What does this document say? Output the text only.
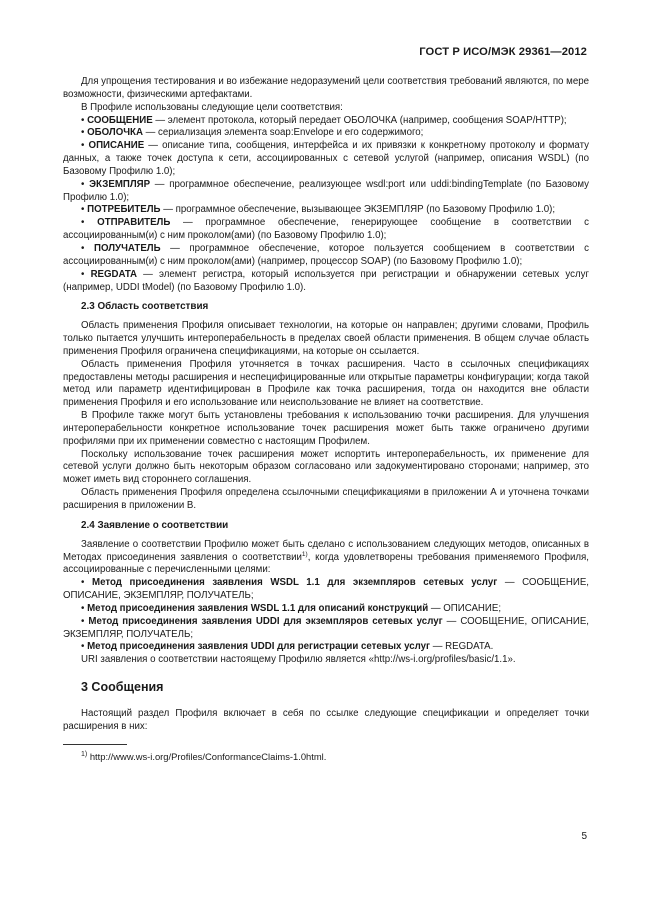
ГОСТ Р ИСО/МЭК 29361—2012

Для упрощения тестирования и во избежание недоразумений цели соответствия требований являются, по мере возможности, физическими артефактами.

В Профиле использованы следующие цели соответствия:

• СООБЩЕНИЕ — элемент протокола, который передает ОБОЛОЧКА (например, сообщения SOAP/HTTP);

• ОБОЛОЧКА — сериализация элемента soap:Envelope и его содержимого;

• ОПИСАНИЕ — описание типа, сообщения, интерфейса и их привязки к конкретному протоколу и формату данных, а также точек доступа к сети, ассоциированных с сетевой услугой (например, описания WSDL) (по Базовому Профилю 1.0);

• ЭКЗЕМПЛЯР — программное обеспечение, реализующее wsdl:port или uddi:bindingTemplate (по Базовому Профилю 1.0);

• ПОТРЕБИТЕЛЬ — программное обеспечение, вызывающее ЭКЗЕМПЛЯР (по Базовому Профилю 1.0);

• ОТПРАВИТЕЛЬ — программное обеспечение, генерирующее сообщение в соответствии с ассоциированным(и) с ним проколом(ами) (по Базовому Профилю 1.0);

• ПОЛУЧАТЕЛЬ — программное обеспечение, которое пользуется сообщением в соответствии с ассоциированным(и) с ним проколом(ами) (например, процессор SOAP) (по Базовому Профилю 1.0);

• REGDATA — элемент регистра, который используется при регистрации и обнаружении сетевых услуг (например, UDDI tModel) (по Базовому Профилю 1.0).

2.3 Область соответствия

Область применения Профиля описывает технологии, на которые он направлен; другими словами, Профиль только пытается улучшить интероперабельность в пределах своей области применения. В общем случае область применения Профиля ограничена спецификациями, на которые он ссылается.

Область применения Профиля уточняется в точках расширения. Часто в ссылочных спецификациях предоставлены методы расширения и неспецифицированные или открытые параметры конфигурации; когда такой метод или параметр идентифицирован в Профиле как точка расширения, тогда он находится вне области применения Профиля и его использование или неиспользование не влияет на соответствие.

В Профиле также могут быть установлены требования к использованию точки расширения. Для улучшения интероперабельности конкретное использование точек расширения может быть также ограничено другими профилями при их применении совместно с настоящим Профилем.

Поскольку использование точек расширения может испортить интероперабельность, их применение для сетевой услуги должно быть некоторым образом согласовано или задокументировано сторонами; например, это может иметь вид стороннего соглашения.

Область применения Профиля определена ссылочными спецификациями в приложении А и уточнена точками расширения в приложении В.

2.4 Заявление о соответствии

Заявление о соответствии Профилю может быть сделано с использованием следующих методов, описанных в Методах присоединения заявления о соответствии$^{1)}$, когда удовлетворены требования применяемого Профиля, ассоциированные с перечисленными целями:

• Метод присоединения заявления WSDL 1.1 для экземпляров сетевых услуг — СООБЩЕНИЕ, ОПИСАНИЕ, ЭКЗЕМПЛЯР, ПОЛУЧАТЕЛЬ;

• Метод присоединения заявления WSDL 1.1 для описаний конструкций — ОПИСАНИЕ;

• Метод присоединения заявления UDDI для экземпляров сетевых услуг — СООБЩЕНИЕ, ОПИСАНИЕ, ЭКЗЕМПЛЯР, ПОЛУЧАТЕЛЬ;

• Метод присоединения заявления UDDI для регистрации сетевых услуг — REGDATA.

URI заявления о соответствии настоящему Профилю является «http://ws-i.org/profiles/basic/1.1».

3 Сообщения

Настоящий раздел Профиля включает в себя по ссылке следующие спецификации и определяет точки расширения в них:

$^{1)}$ http://www.ws-i.org/Profiles/ConformanceClaims-1.0html.

5
